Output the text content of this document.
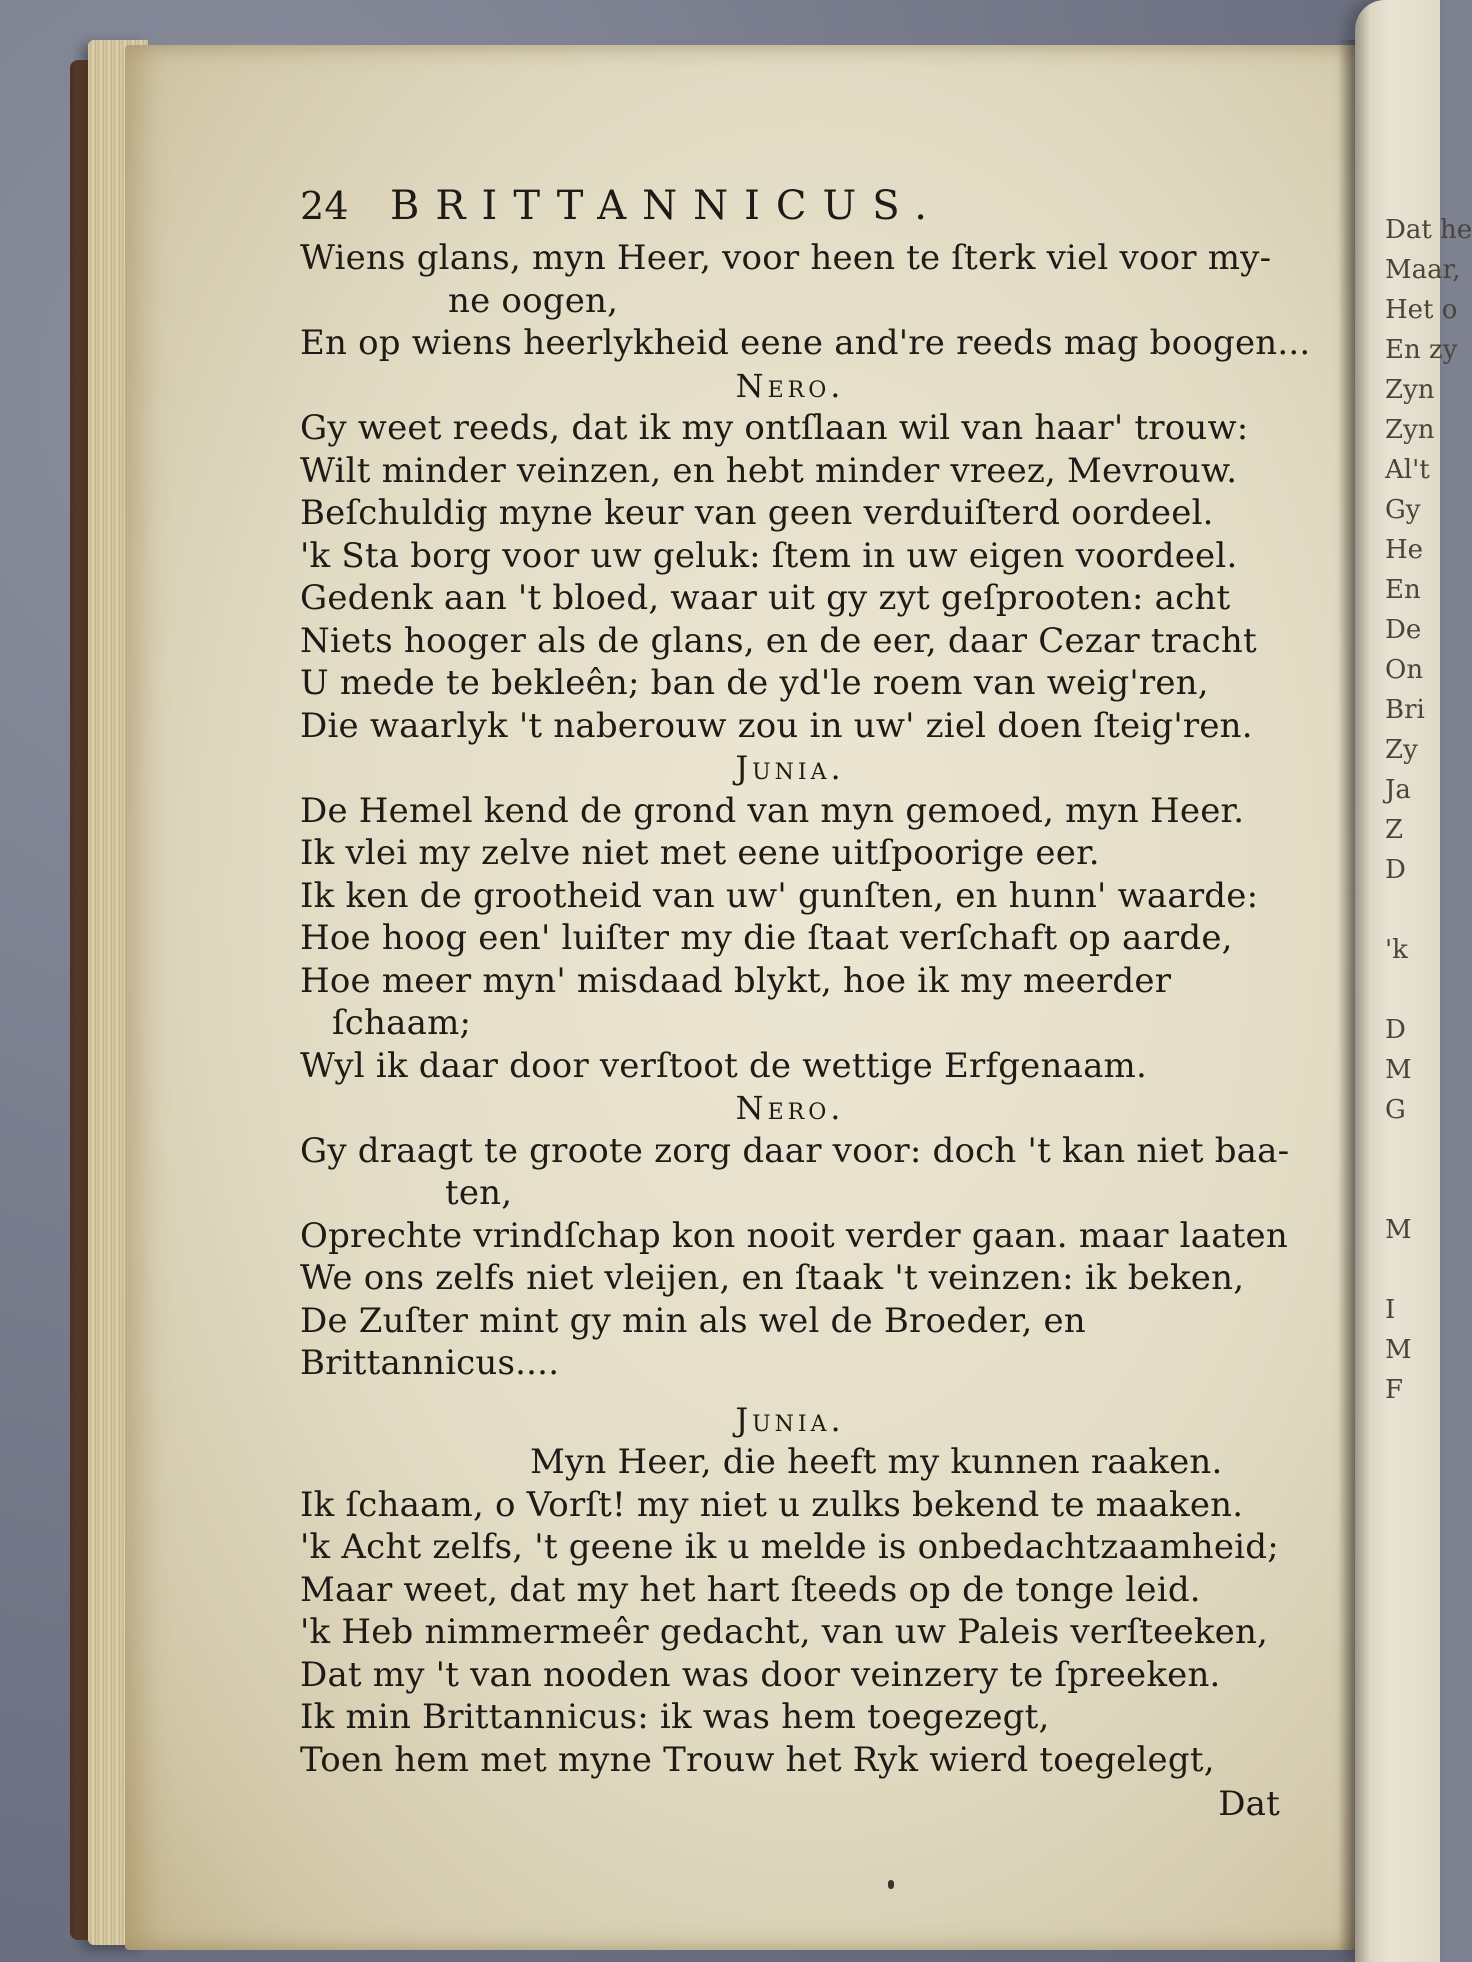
Dat he
Maar,
Het o
En zy
Zyn
Zyn
Al't
Gy
He
En
De
On
Bri
Zy
Ja
Z
D

'k

D
M
G

M

I
M
F
24	BRITTANNICUS.
Wiens glans, myn Heer, voor heen te ſterk viel voor my-
ne oogen,
En op wiens heerlykheid eene and're reeds mag boogen...
Nero.
Gy weet reeds, dat ik my ontſlaan wil van haar' trouw:
Wilt minder veinzen, en hebt minder vreez, Mevrouw.
Beſchuldig myne keur van geen verduiſterd oordeel.
'k Sta borg voor uw geluk: ſtem in uw eigen voordeel.
Gedenk aan 't bloed, waar uit gy zyt geſprooten: acht
Niets hooger als de glans, en de eer, daar Cezar tracht
U mede te bekleên; ban de yd'le roem van weig'ren,
Die waarlyk 't naberouw zou in uw' ziel doen ſteig'ren.
Junia.
De Hemel kend de grond van myn gemoed, myn Heer.
Ik vlei my zelve niet met eene uitſpoorige eer.
Ik ken de grootheid van uw' gunſten, en hunn' waarde:
Hoe hoog een' luiſter my die ſtaat verſchaft op aarde,
Hoe meer myn' misdaad blykt, hoe ik my meerder
ſchaam;
Wyl ik daar door verſtoot de wettige Erfgenaam.
Nero.
Gy draagt te groote zorg daar voor: doch 't kan niet baa-
ten,
Oprechte vrindſchap kon nooit verder gaan. maar laaten
We ons zelfs niet vleijen, en ſtaak 't veinzen: ik beken,
De Zuſter mint gy min als wel de Broeder, en
Brittannicus....
Junia.
Myn Heer, die heeft my kunnen raaken.
Ik ſchaam, o Vorſt! my niet u zulks bekend te maaken.
'k Acht zelfs, 't geene ik u melde is onbedachtzaamheid;
Maar weet, dat my het hart ſteeds op de tonge leid.
'k Heb nimmermeêr gedacht, van uw Paleis verſteeken,
Dat my 't van nooden was door veinzery te ſpreeken.
Ik min Brittannicus: ik was hem toegezegt,
Toen hem met myne Trouw het Ryk wierd toegelegt,
Dat
